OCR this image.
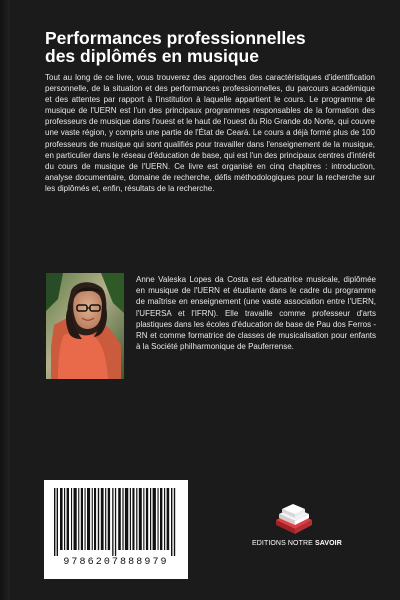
Performances professionnelles
des diplômés en musique
Tout au long de ce livre, vous trouverez des approches des caractéristiques d'identification personnelle, de la situation et des performances professionnelles, du parcours académique et des attentes par rapport à l'institution à laquelle appartient le cours. Le programme de musique de l'UERN est l'un des principaux programmes responsables de la formation des professeurs de musique dans l'ouest et le haut de l'ouest du Rio Grande do Norte, qui couvre une vaste région, y compris une partie de l'État de Ceará. Le cours a déjà formé plus de 100 professeurs de musique qui sont qualifiés pour travailler dans l'enseignement de la musique, en particulier dans le réseau d'éducation de base, qui est l'un des principaux centres d'intérêt du cours de musique de l'UERN. Ce livre est organisé en cinq chapitres : introduction, analyse documentaire, domaine de recherche, défis méthodologiques pour la recherche sur les diplômés et, enfin, résultats de la recherche.
Anne Valeska Lopes da Costa est éducatrice musicale, diplômée en musique de l'UERN et étudiante dans le cadre du programme de maîtrise en enseignement (une vaste association entre l'UERN, l'UFERSA et l'IFRN). Elle travaille comme professeur d'arts plastiques dans les écoles d'éducation de base de Pau dos Ferros -RN et comme formatrice de classes de musicalisation pour enfants à la Société philharmonique de Pauferrense.
9786207888979
EDITIONS NOTRE SAVOIR
